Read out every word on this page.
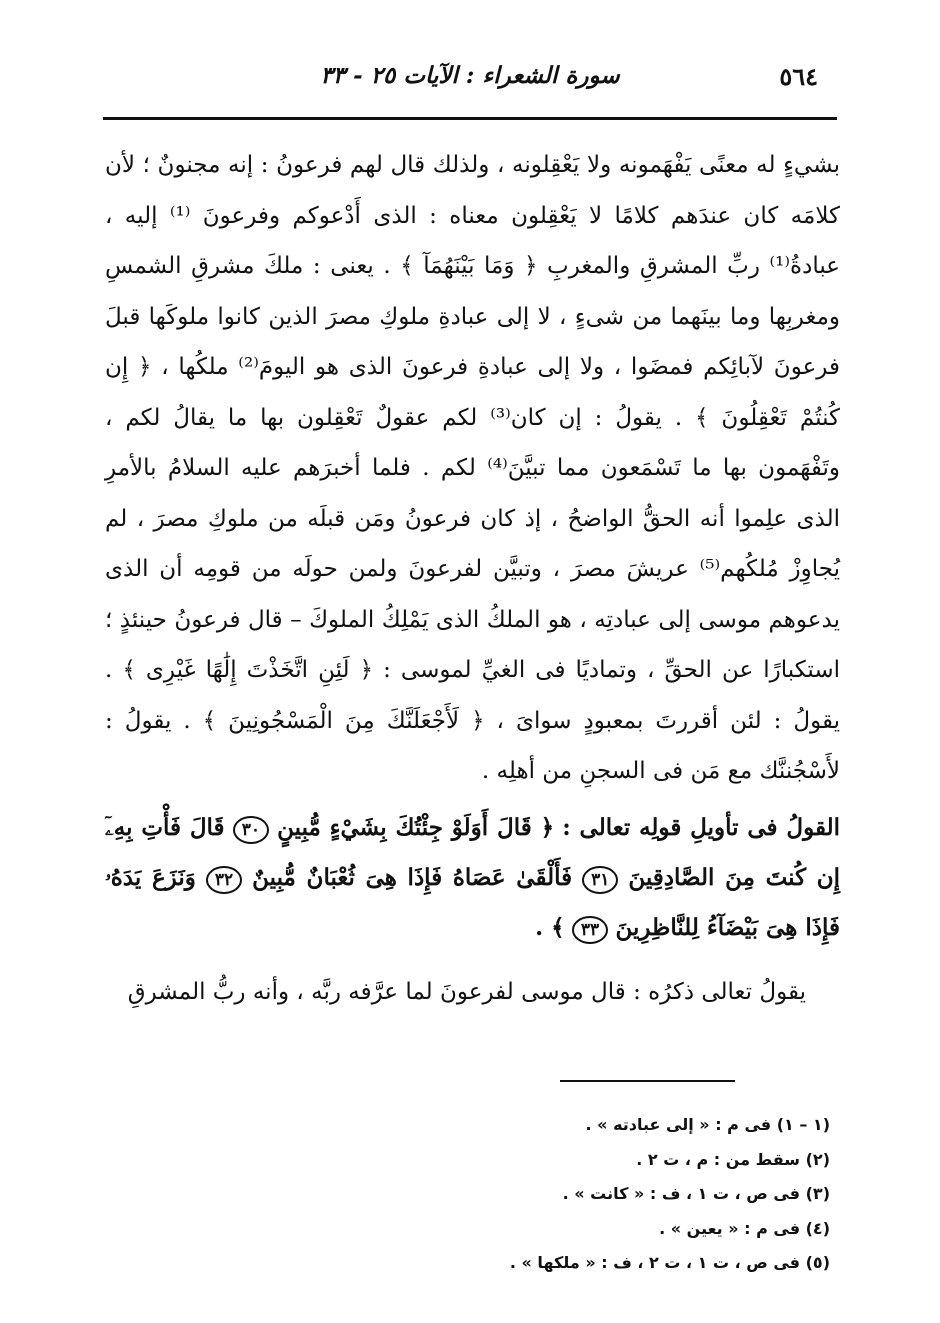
٥٦٤
سورة الشعراء : الآيات ٢٥ - ٣٣

بشيءٍ له معنًى يَفْهَمونه ولا يَعْقِلونه ، ولذلك قال لهم فرعونُ : إنه مجنونٌ ؛ لأن كلامَه كان عندَهم كلامًا لا يَعْقِلون معناه : الذى أَدْعوكم وفرعونَ ⁽¹⁾ إليه ، عبادةُ⁽¹⁾ ربِّ المشرقِ والمغربِ ﴿ وَمَا بَيْنَهُمَآ ﴾ . يعنى : ملكَ مشرقِ الشمسِ ومغربِها وما بينَهما من شىءٍ ، لا إلى عبادةِ ملوكِ مصرَ الذين كانوا ملوكَها قبلَ فرعونَ لآبائِكم فمضَوا ، ولا إلى عبادةِ فرعونَ الذى هو اليومَ⁽²⁾ ملكُها ، ﴿ إِن كُنتُمْ تَعْقِلُونَ ﴾ . يقولُ : إن كان⁽³⁾ لكم عقولٌ تَعْقِلون بها ما يقالُ لكم ، وتَفْهَمون بها ما تَسْمَعون مما تبيَّنَ⁽⁴⁾ لكم . فلما أخبرَهم عليه السلامُ بالأمرِ الذى علِموا أنه الحقُّ الواضحُ ، إذ كان فرعونُ ومَن قبلَه من ملوكِ مصرَ ، لم يُجاوِزْ مُلكُهم⁽⁵⁾ عريشَ مصرَ ، وتبيَّن لفرعونَ ولمن حولَه من قومِه أن الذى يدعوهم موسى إلى عبادتِه ، هو الملكُ الذى يَمْلِكُ الملوكَ – قال فرعونُ حينئذٍ ؛ استكبارًا عن الحقِّ ، وتماديًا فى الغيِّ لموسى : ﴿ لَئِنِ اتَّخَذْتَ إِلَٰهًا غَيْرِى ﴾ . يقولُ : لئن أقررتَ بمعبودٍ سواىَ ، ﴿ لَأَجْعَلَنَّكَ مِنَ الْمَسْجُونِينَ ﴾ . يقولُ : لأَسْجُننَّك مع مَن فى السجنِ من أهلِه .

القولُ فى تأويلِ قولِه تعالى : ﴿ قَالَ أَوَلَوْ جِئْتُكَ بِشَيْءٍ مُّبِينٍ ٣٠ قَالَ فَأْتِ بِهِۦٓ إِن كُنتَ مِنَ الصَّادِقِينَ ٣١ فَأَلْقَىٰ عَصَاهُ فَإِذَا هِىَ ثُعْبَانٌ مُّبِينٌ ٣٢ وَنَزَعَ يَدَهُۥ فَإِذَا هِىَ بَيْضَآءُ لِلنَّاظِرِينَ ٣٣ ﴾ .

يقولُ تعالى ذكرُه : قال موسى لفرعونَ لما عرَّفه ربَّه ، وأنه ربُّ المشرقِ

(١ – ١) فى م : « إلى عبادته » .
(٢) سقط من : م ، ت ٢ .
(٣) فى ص ، ت ١ ، ف : « كانت » .
(٤) فى م : « يعين » .
(٥) فى ص ، ت ١ ، ت ٢ ، ف : « ملكها » .
